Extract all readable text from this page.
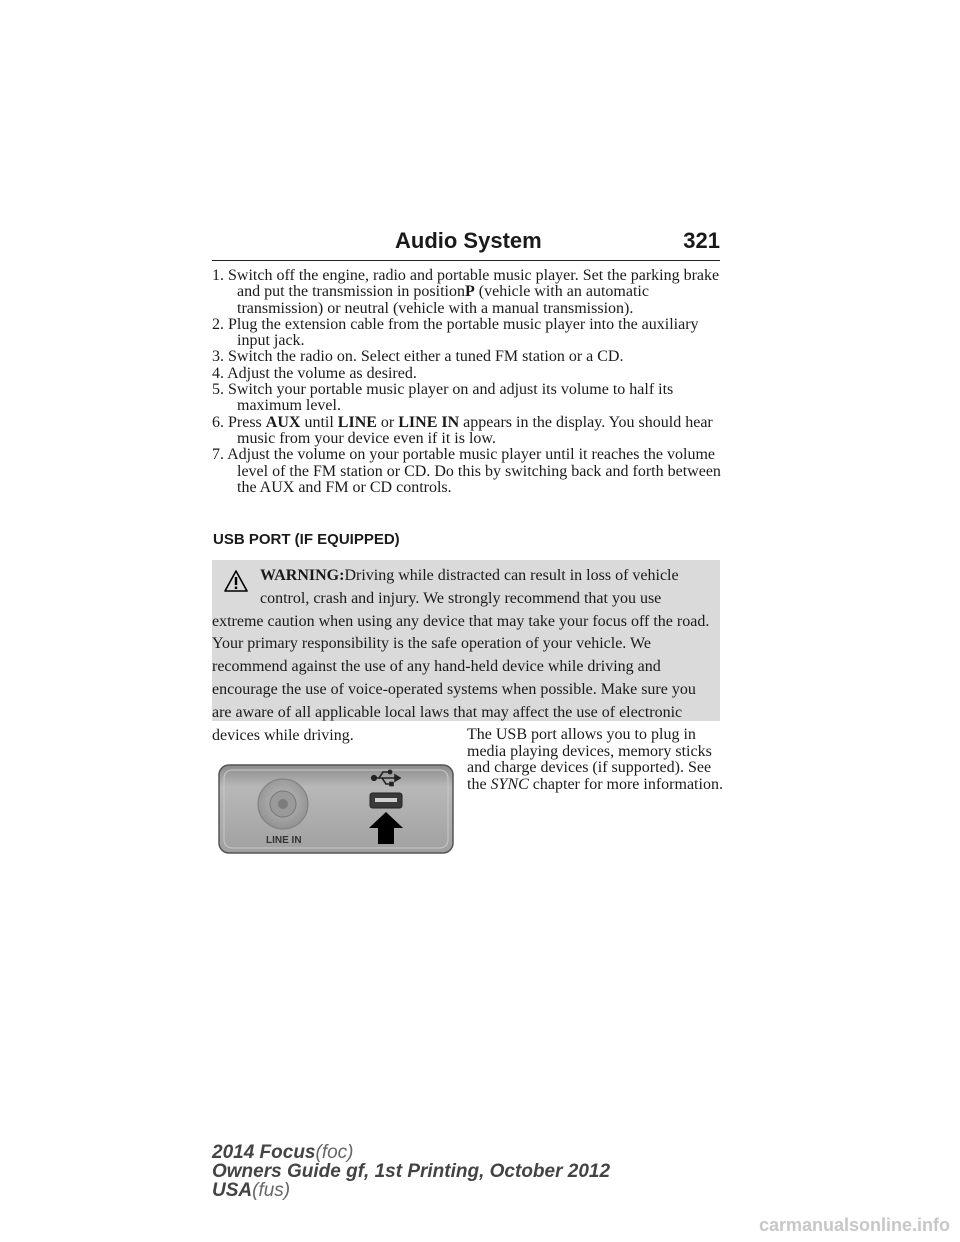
Audio System	321
1. Switch off the engine, radio and portable music player. Set the parking brake and put the transmission in positionP (vehicle with an automatic transmission) or neutral (vehicle with a manual transmission).
2. Plug the extension cable from the portable music player into the auxiliary input jack.
3. Switch the radio on. Select either a tuned FM station or a CD.
4. Adjust the volume as desired.
5. Switch your portable music player on and adjust its volume to half its maximum level.
6. Press AUX until LINE or LINE IN appears in the display. You should hear music from your device even if it is low.
7. Adjust the volume on your portable music player until it reaches the volume level of the FM station or CD. Do this by switching back and forth between the AUX and FM or CD controls.
USB PORT (IF EQUIPPED)
WARNING:Driving while distracted can result in loss of vehicle control, crash and injury. We strongly recommend that you use
extreme caution when using any device that may take your focus off the road. Your primary responsibility is the safe operation of your vehicle. We recommend against the use of any hand-held device while driving and encourage the use of voice-operated systems when possible. Make sure you are aware of all applicable local laws that may affect the use of electronic devices while driving.	The USB port allows you to plug in media playing devices, memory sticks and charge devices (if supported). See the SYNC chapter for more information.
LINE IN
2014 Focus(foc)
Owners Guide gf, 1st Printing, October 2012
USA(fus)
carmanualsonline.info
